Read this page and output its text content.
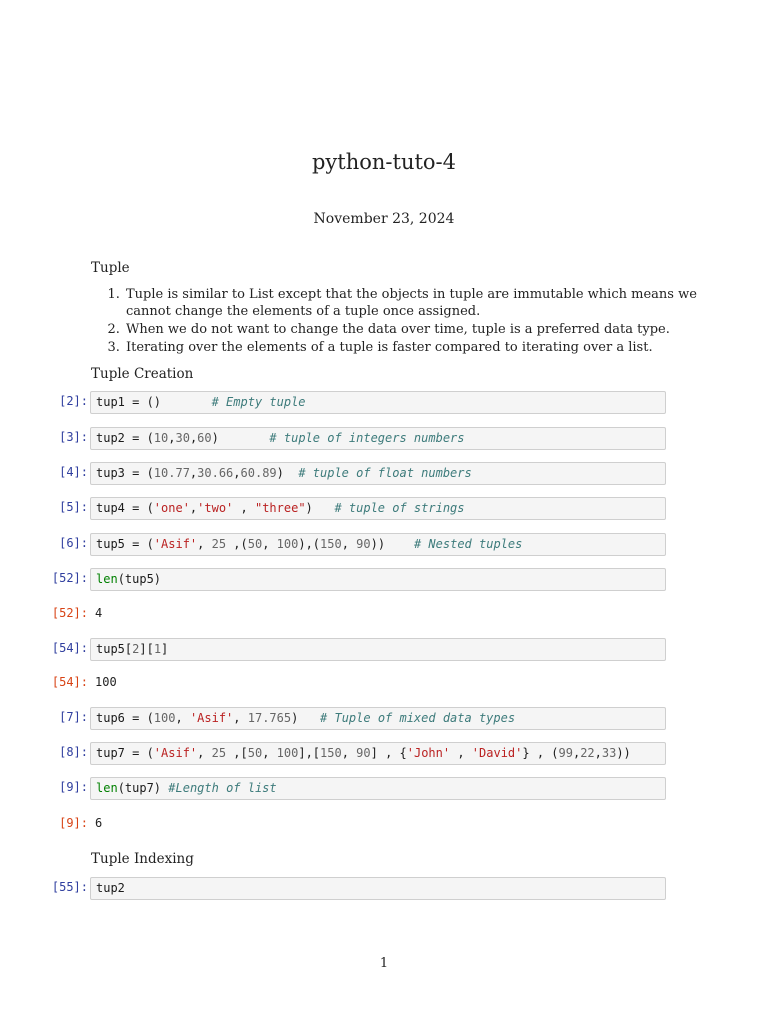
python-tuto-4
November 23, 2024
Tuple
1. Tuple is similar to List except that the objects in tuple are immutable which means we cannot change the elements of a tuple once assigned.
2. When we do not want to change the data over time, tuple is a preferred data type.
3. Iterating over the elements of a tuple is faster compared to iterating over a list.
Tuple Creation
[2]: tup1 = ()       # Empty tuple
[3]: tup2 = (10,30,60)       # tuple of integers numbers
[4]: tup3 = (10.77,30.66,60.89)  # tuple of float numbers
[5]: tup4 = ('one','two' , "three")   # tuple of strings
[6]: tup5 = ('Asif', 25 ,(50, 100),(150, 90))    # Nested tuples
[52]: len(tup5)
[52]: 4
[54]: tup5[2][1]
[54]: 100
[7]: tup6 = (100, 'Asif', 17.765)   # Tuple of mixed data types
[8]: tup7 = ('Asif', 25 ,[50, 100],[150, 90] , {'John' , 'David'} , (99,22,33))
[9]: len(tup7) #Length of list
[9]: 6
Tuple Indexing
[55]: tup2
1
